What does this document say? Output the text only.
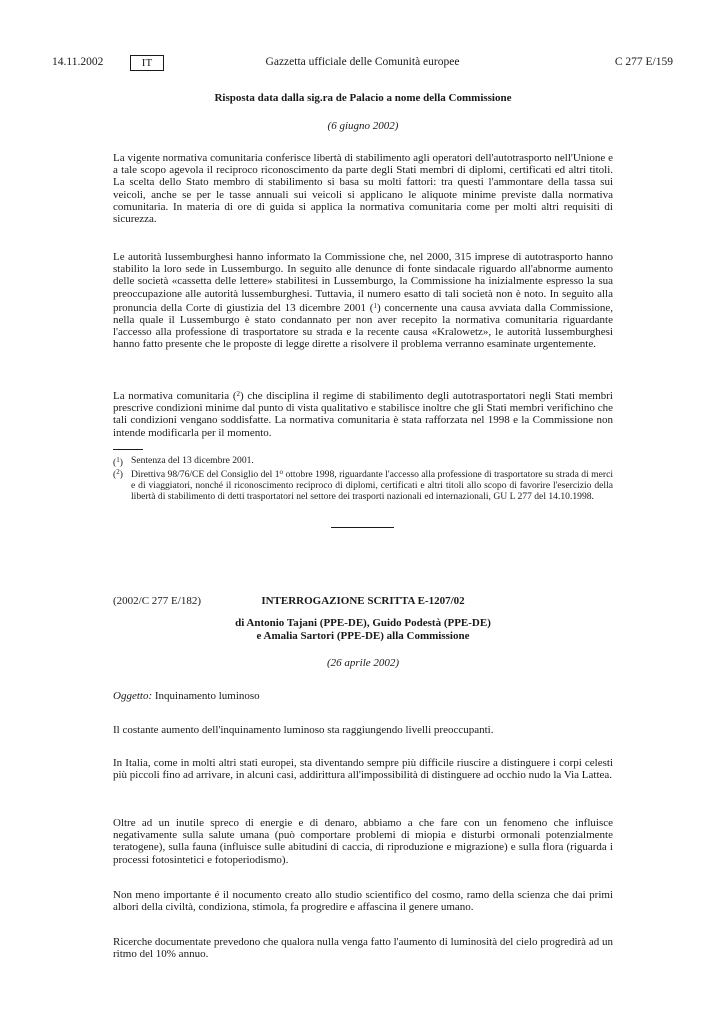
14.11.2002	IT	Gazzetta ufficiale delle Comunità europee	C 277 E/159
Risposta data dalla sig.ra de Palacio a nome della Commissione
(6 giugno 2002)

La vigente normativa comunitaria conferisce libertà di stabilimento agli operatori dell'autotrasporto nell'Unione e a tale scopo agevola il reciproco riconoscimento da parte degli Stati membri di diplomi, certificati ed altri titoli. La scelta dello Stato membro di stabilimento si basa su molti fattori: tra questi l'ammontare della tassa sui veicoli, anche se per le tasse annuali sui veicoli si applicano le aliquote minime previste dalla normativa comunitaria. In materia di ore di guida si applica la normativa comunitaria come per molti altri requisiti di sicurezza.

Le autorità lussemburghesi hanno informato la Commissione che, nel 2000, 315 imprese di autotrasporto hanno stabilito la loro sede in Lussemburgo. In seguito alle denunce di fonte sindacale riguardo all'abnorme aumento delle società «cassetta delle lettere» stabilitesi in Lussemburgo, la Commissione ha inizialmente espresso la sua preoccupazione alle autorità lussemburghesi. Tuttavia, il numero esatto di tali società non è noto. In seguito alla pronuncia della Corte di giustizia del 13 dicembre 2001 ($^1$) concernente una causa avviata dalla Commissione, nella quale il Lussemburgo è stato condannato per non aver recepito la normativa comunitaria riguardante l'accesso alla professione di trasportatore su strada e la recente causa «Kralowetz», le autorità lussemburghesi hanno fatto presente che le proposte di legge dirette a risolvere il problema verranno esaminate urgentemente.

La normativa comunitaria ($^2$) che disciplina il regime di stabilimento degli autotrasportatori negli Stati membri prescrive condizioni minime dal punto di vista qualitativo e stabilisce inoltre che gli Stati membri verifichino che tali condizioni vengano soddisfatte. La normativa comunitaria è stata rafforzata nel 1998 e la Commissione non intende modificarla per il momento.

($^1$) Sentenza del 13 dicembre 2001.
($^2$) Direttiva 98/76/CE del Consiglio del 1$^o$ ottobre 1998, riguardante l'accesso alla professione di trasportatore su strada di merci e di viaggiatori, nonché il riconoscimento reciproco di diplomi, certificati e altri titoli allo scopo di favorire l'esercizio della libertà di stabilimento di detti trasportatori nel settore dei trasporti nazionali ed internazionali, GU L 277 del 14.10.1998.
(2002/C 277 E/182)	INTERROGAZIONE SCRITTA E-1207/02
di Antonio Tajani (PPE-DE), Guido Podestà (PPE-DE)
e Amalia Sartori (PPE-DE) alla Commissione
(26 aprile 2002)
Oggetto: Inquinamento luminoso

Il costante aumento dell'inquinamento luminoso sta raggiungendo livelli preoccupanti.

In Italia, come in molti altri stati europei, sta diventando sempre più difficile riuscire a distinguere i corpi celesti più piccoli fino ad arrivare, in alcuni casi, addirittura all'impossibilità di distinguere ad occhio nudo la Via Lattea.

Oltre ad un inutile spreco di energie e di denaro, abbiamo a che fare con un fenomeno che influisce negativamente sulla salute umana (può comportare problemi di miopia e disturbi ormonali potenzialmente teratogene), sulla fauna (influisce sulle abitudini di caccia, di riproduzione e migrazione) e sulla flora (riguarda i processi fotosintetici e fotoperiodismo).

Non meno importante é il nocumento creato allo studio scientifico del cosmo, ramo della scienza che dai primi albori della civiltà, condiziona, stimola, fa progredire e affascina il genere umano.

Ricerche documentate prevedono che qualora nulla venga fatto l'aumento di luminosità del cielo progredirà ad un ritmo del 10% annuo.
